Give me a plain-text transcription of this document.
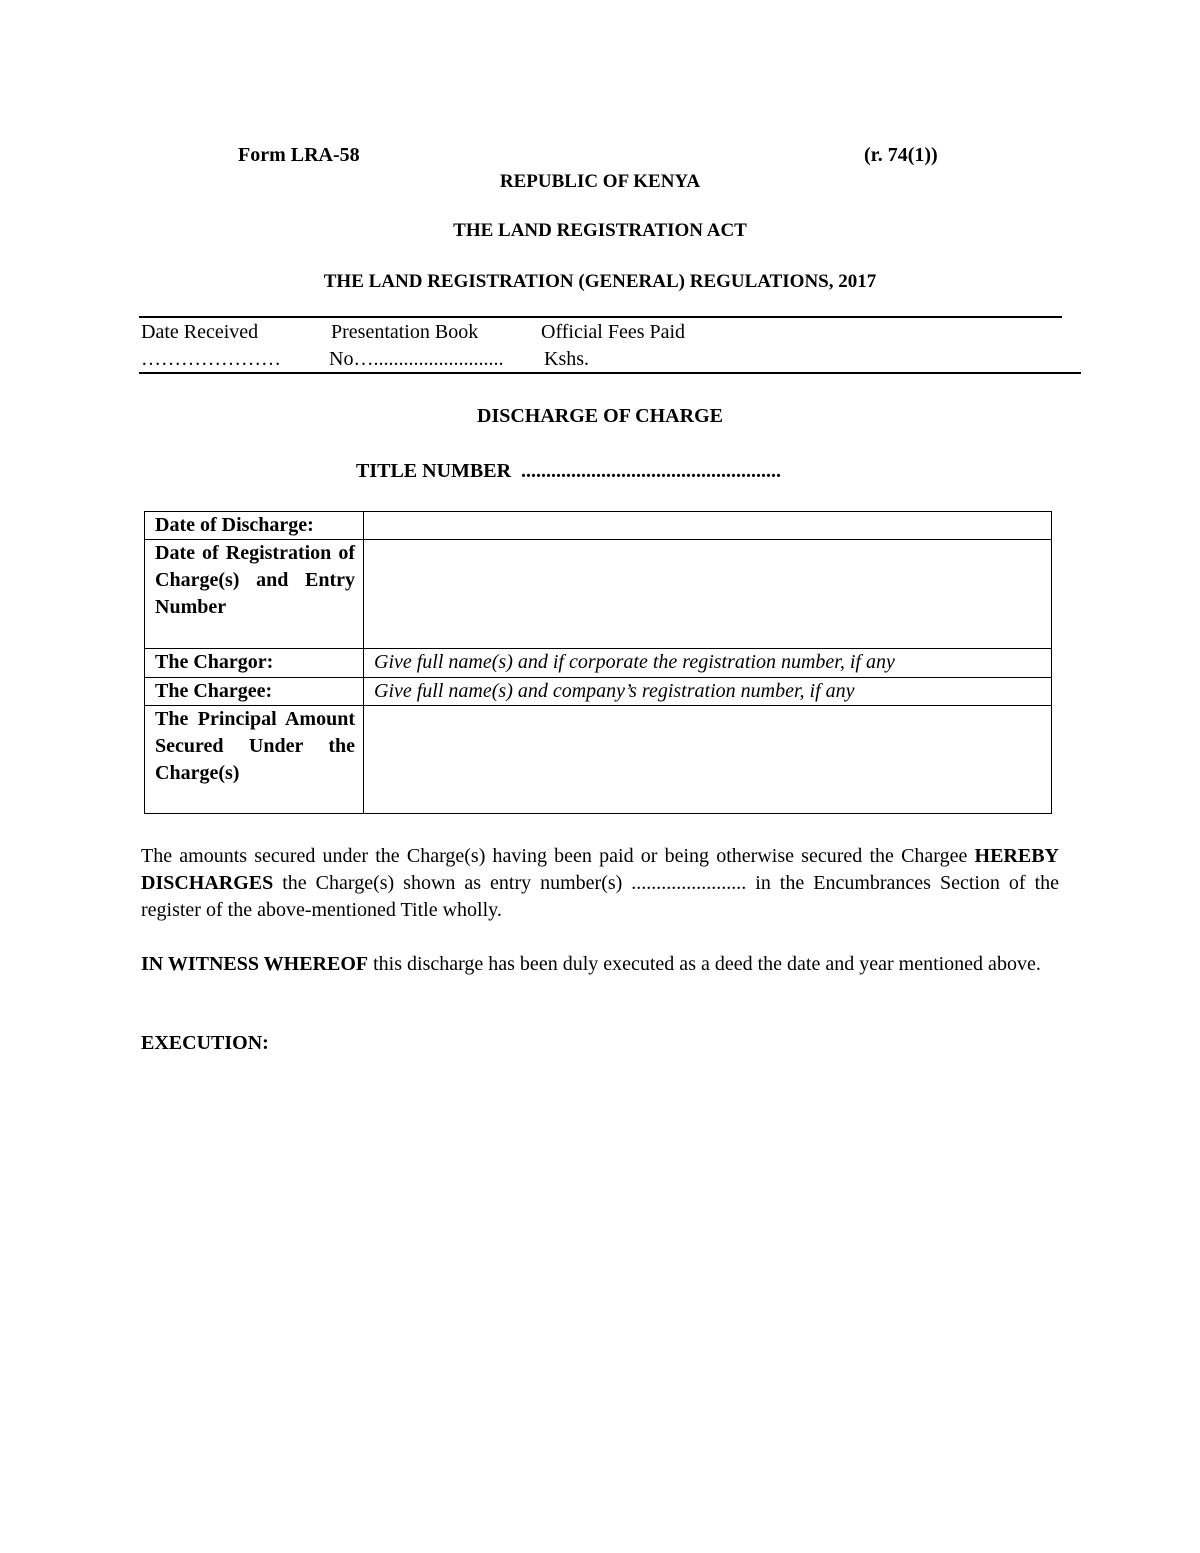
Form LRA-58	(r. 74(1))
REPUBLIC OF KENYA
THE LAND REGISTRATION ACT
THE LAND REGISTRATION (GENERAL) REGULATIONS, 2017
Date Received	Presentation Book	Official Fees Paid
………………… No….......................... Kshs.
DISCHARGE OF CHARGE
TITLE NUMBER ....................................................
Date of Discharge:	
Date of Registration of Charge(s) and Entry Number	
The Chargor:	Give full name(s) and if corporate the registration number, if any
The Chargee:	Give full name(s) and company’s registration number, if any
The Principal Amount Secured Under the Charge(s)	
The amounts secured under the Charge(s) having been paid or being otherwise secured the Chargee HEREBY DISCHARGES the Charge(s) shown as entry number(s) ....................... in the Encumbrances Section of the register of the above-mentioned Title wholly.
IN WITNESS WHEREOF this discharge has been duly executed as a deed the date and year mentioned above.
EXECUTION:
